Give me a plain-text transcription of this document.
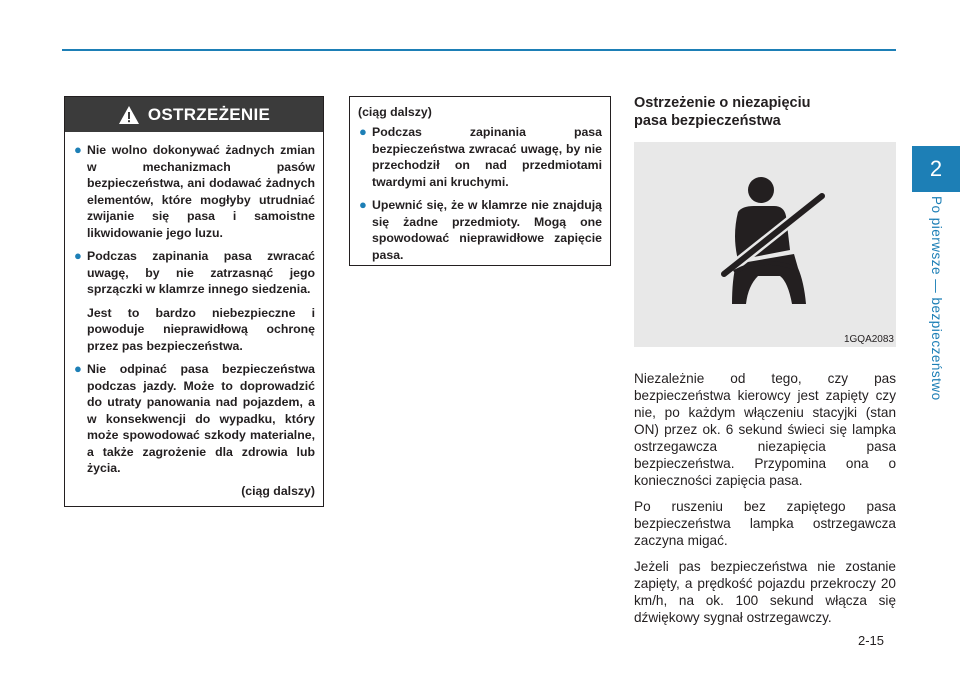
2
Po pierwsze — bezpieczeństwo
OSTRZEŻENIE
● Nie wolno dokonywać żadnych zmian w mechanizmach pasów bezpieczeństwa, ani dodawać żadnych elementów, które mogłyby utrudniać zwijanie się pasa i samoistne likwidowanie jego luzu.
● Podczas zapinania pasa zwracać uwagę, by nie zatrzasnąć jego sprzączki w klamrze innego siedzenia.
Jest to bardzo niebezpieczne i powoduje nieprawidłową ochronę przez pas bezpieczeństwa.
● Nie odpinać pasa bezpieczeństwa podczas jazdy. Może to doprowadzić do utraty panowania nad pojazdem, a w konsekwencji do wypadku, który może spowodować szkody materialne, a także zagrożenie dla zdrowia lub życia.
(ciąg dalszy)
(ciąg dalszy)
● Podczas zapinania pasa bezpieczeństwa zwracać uwagę, by nie przechodził on nad przedmiotami twardymi ani kruchymi.
● Upewnić się, że w klamrze nie znajdują się żadne przedmioty. Mogą one spowodować nieprawidłowe zapięcie pasa.
Ostrzeżenie o niezapięciu
pasa bezpieczeństwa
1GQA2083

Niezależnie od tego, czy pas bezpieczeństwa kierowcy jest zapięty czy nie, po każdym włączeniu stacyjki (stan ON) przez ok. 6 sekund świeci się lampka ostrzegawcza niezapięcia pasa bezpieczeństwa. Przypomina ona o konieczności zapięcia pasa.

Po ruszeniu bez zapiętego pasa bezpieczeństwa lampka ostrzegawcza zaczyna migać.

Jeżeli pas bezpieczeństwa nie zostanie zapięty, a prędkość pojazdu przekroczy 20 km/h, na ok. 100 sekund włącza się dźwiękowy sygnał ostrzegawczy.

2-15
